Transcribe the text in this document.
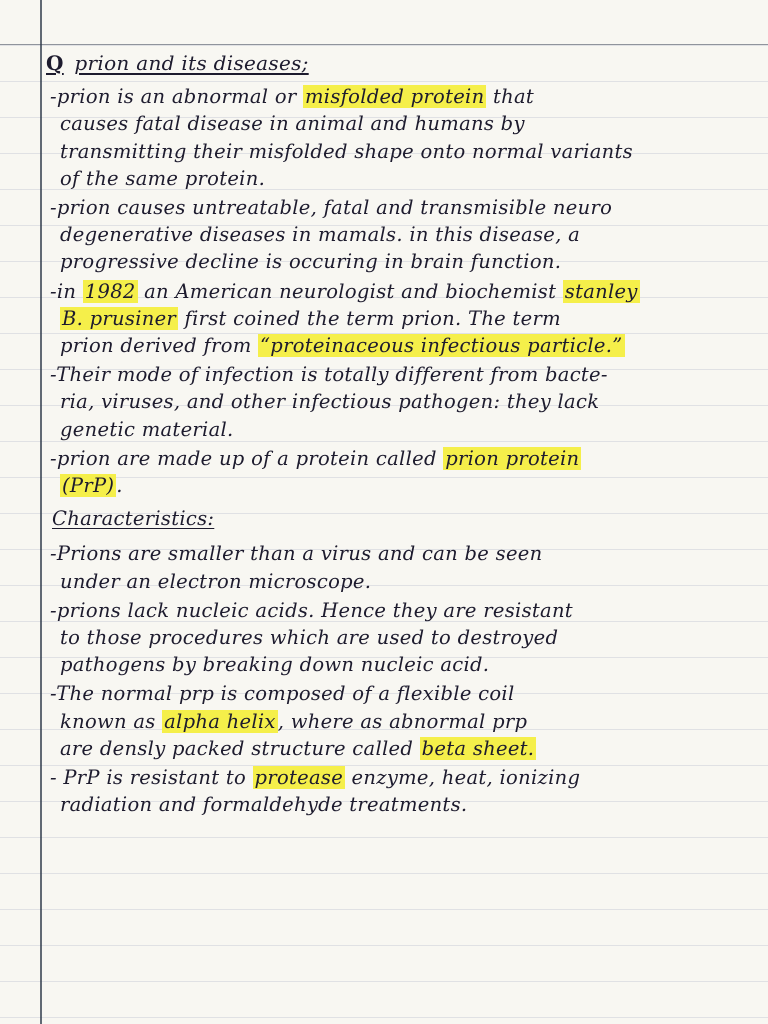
Q prion and its diseases;
-prion is an abnormal or misfolded protein that
causes fatal disease in animal and humans by
transmitting their misfolded shape onto normal variants
of the same protein.
-prion causes untreatable, fatal and transmisible neuro
degenerative diseases in mamals. in this disease, a
progressive decline is occuring in brain function.
-in 1982 an American neurologist and biochemist stanley
B. prusiner first coined the term prion. The term
prion derived from “proteinaceous infectious particle.”
-Their mode of infection is totally different from bacte-
ria, viruses, and other infectious pathogen: they lack
genetic material.
-prion are made up of a protein called prion protein
(PrP) .
Characteristics:
-Prions are smaller than a virus and can be seen
under an electron microscope.
-prions lack nucleic acids. Hence they are resistant
to those procedures which are used to destroyed
pathogens by breaking down nucleic acid.
-The normal prp is composed of a flexible coil
known as alpha helix , where as abnormal prp
are densly packed structure called beta sheet.
- PrP is resistant to protease enzyme, heat, ionizing
radiation and formaldehyde treatments.
